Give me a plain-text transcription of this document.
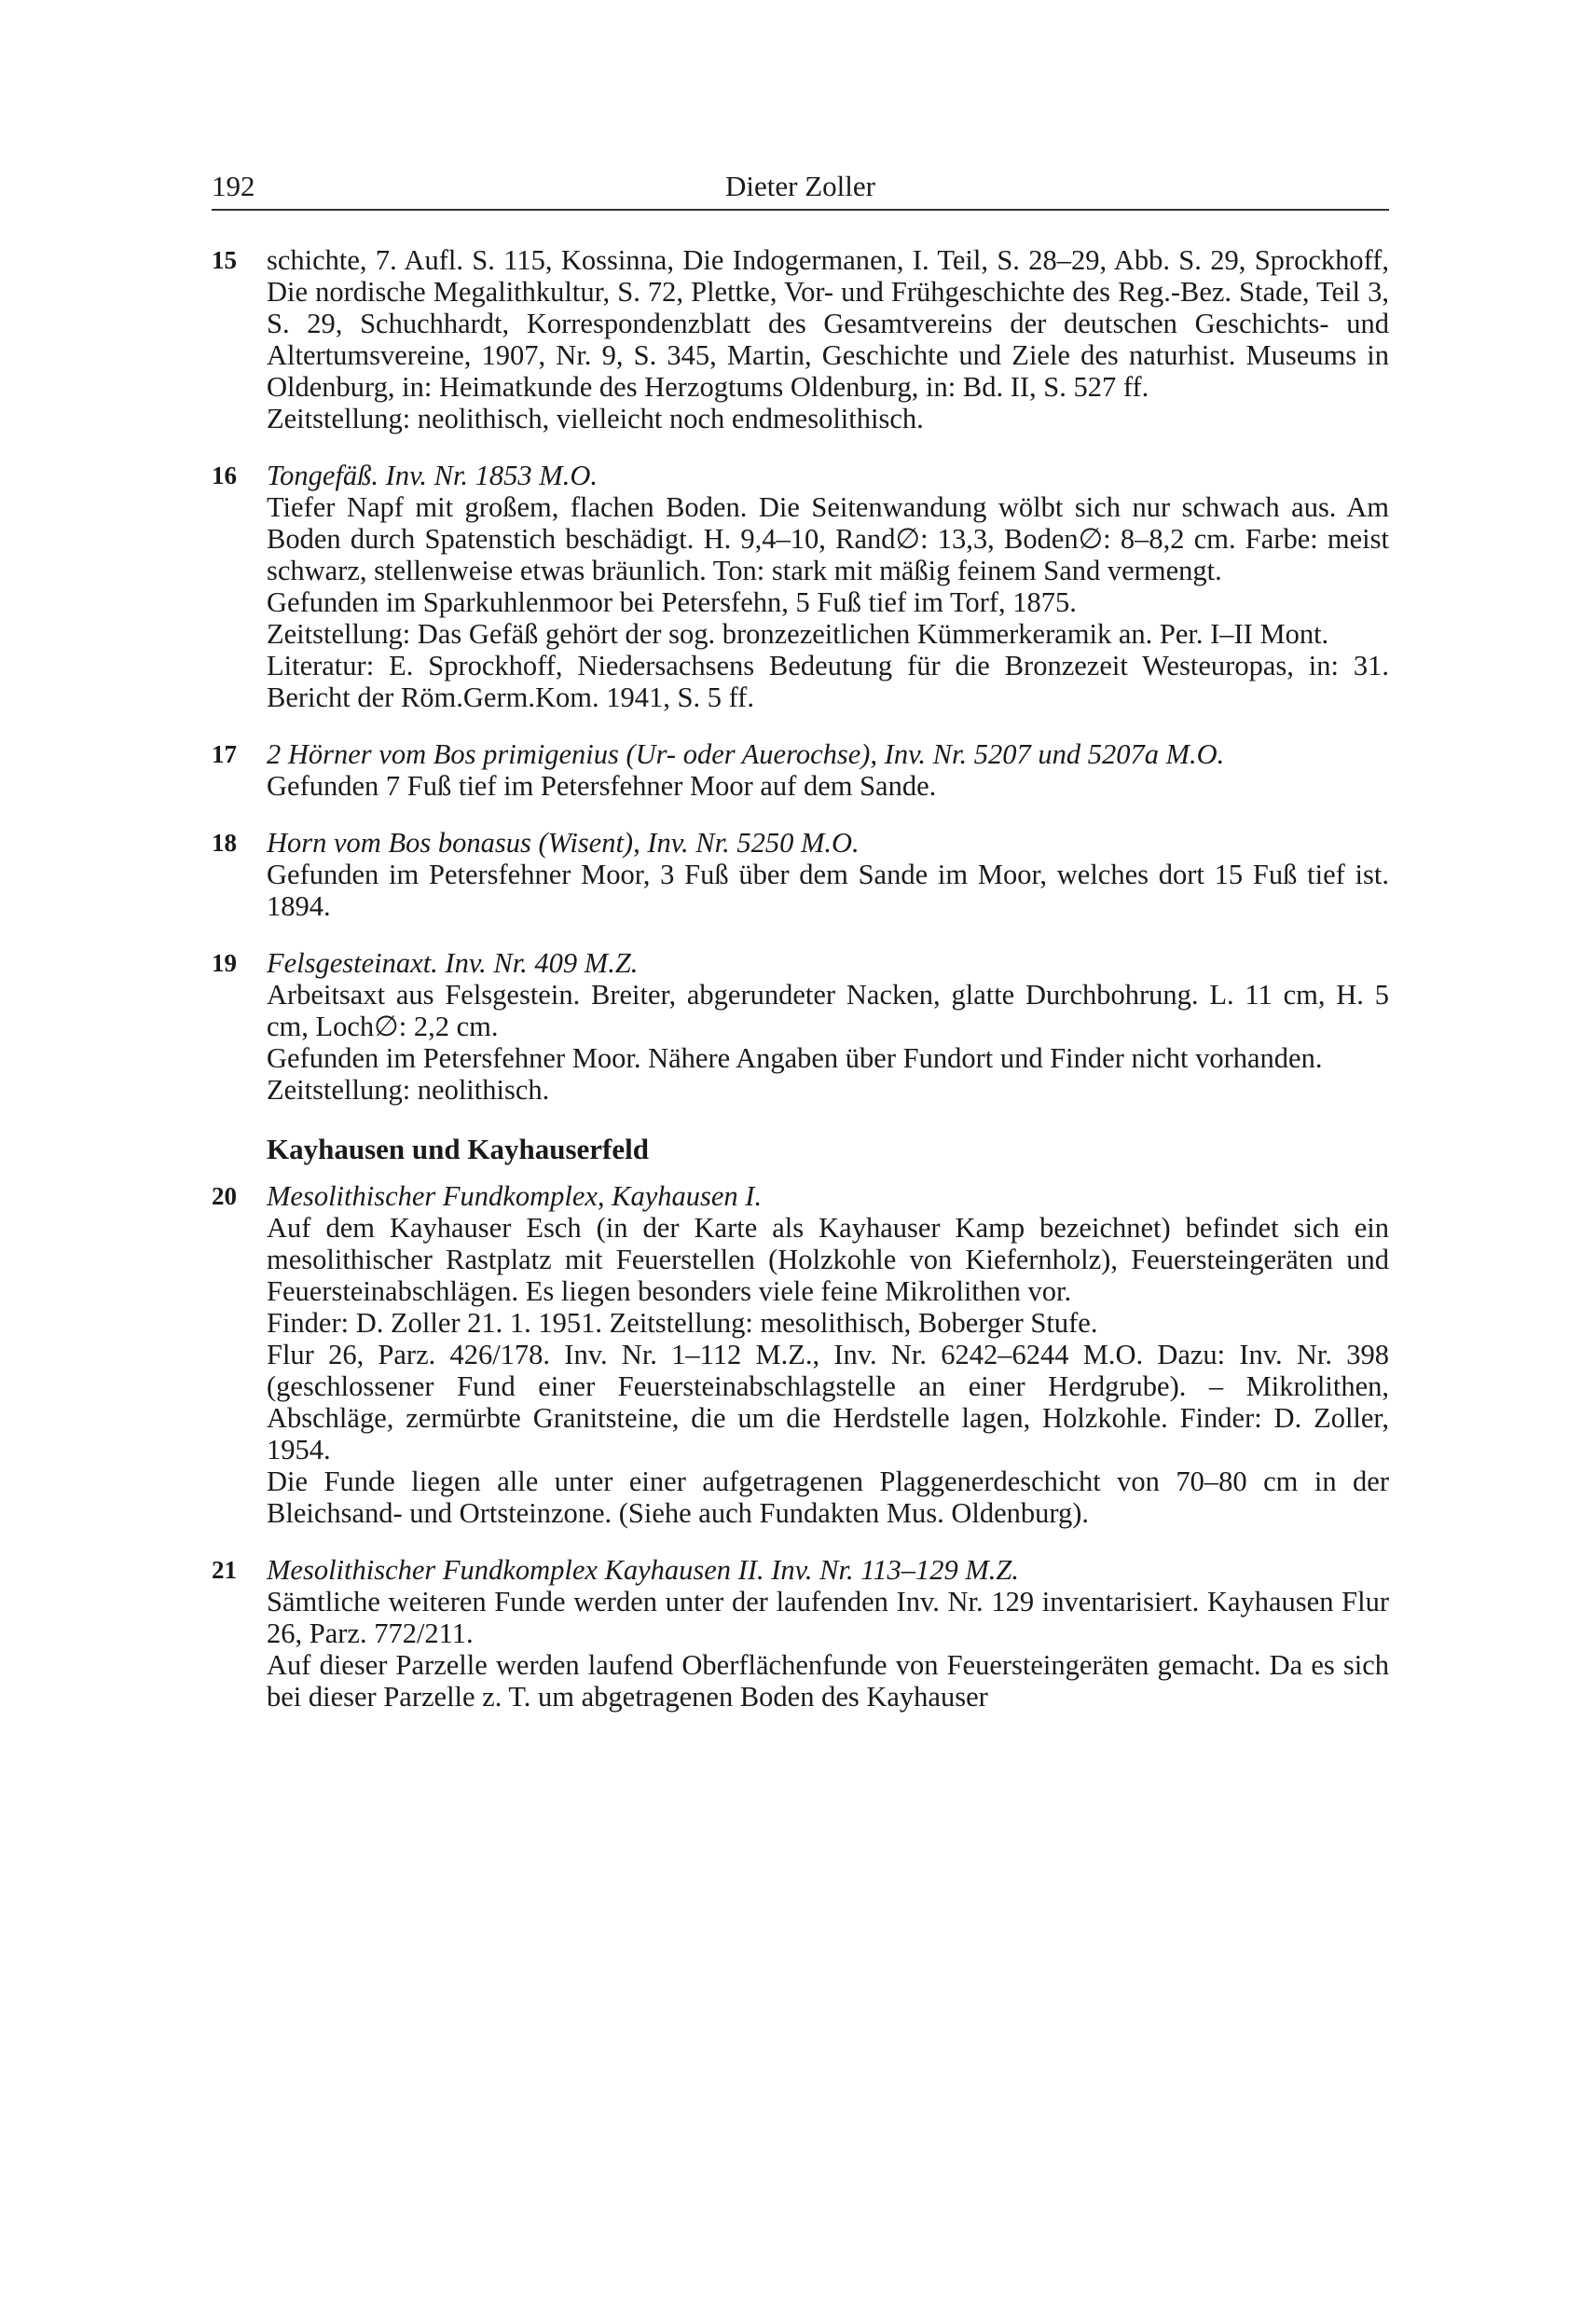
192	Dieter Zoller
15 schichte, 7. Aufl. S. 115, Kossinna, Die Indogermanen, I. Teil, S. 28–29, Abb. S. 29, Sprockhoff, Die nordische Megalithkultur, S. 72, Plettke, Vor- und Frühgeschichte des Reg.-Bez. Stade, Teil 3, S. 29, Schuchhardt, Korrespondenzblatt des Gesamtvereins der deutschen Geschichts- und Altertumsvereine, 1907, Nr. 9, S. 345, Martin, Geschichte und Ziele des naturhist. Museums in Oldenburg, in: Heimatkunde des Herzogtums Oldenburg, in: Bd. II, S. 527 ff.
Zeitstellung: neolithisch, vielleicht noch endmesolithisch.
16 Tongefäß. Inv. Nr. 1853 M.O.
Tiefer Napf mit großem, flachen Boden. Die Seitenwandung wölbt sich nur schwach aus. Am Boden durch Spatenstich beschädigt. H. 9,4–10, Rand∅: 13,3, Boden∅: 8–8,2 cm. Farbe: meist schwarz, stellenweise etwas bräunlich. Ton: stark mit mäßig feinem Sand vermengt.
Gefunden im Sparkuhlenmoor bei Petersfehn, 5 Fuß tief im Torf, 1875.
Zeitstellung: Das Gefäß gehört der sog. bronzezeitlichen Kümmerkeramik an. Per. I–II Mont.
Literatur: E. Sprockhoff, Niedersachsens Bedeutung für die Bronzezeit Westeuropas, in: 31. Bericht der Röm.Germ.Kom. 1941, S. 5 ff.
17 2 Hörner vom Bos primigenius (Ur- oder Auerochse), Inv. Nr. 5207 und 5207a M.O.
Gefunden 7 Fuß tief im Petersfehner Moor auf dem Sande.
18 Horn vom Bos bonasus (Wisent), Inv. Nr. 5250 M.O.
Gefunden im Petersfehner Moor, 3 Fuß über dem Sande im Moor, welches dort 15 Fuß tief ist. 1894.
19 Felsgesteinaxt. Inv. Nr. 409 M.Z.
Arbeitsaxt aus Felsgestein. Breiter, abgerundeter Nacken, glatte Durchbohrung. L. 11 cm, H. 5 cm, Loch∅: 2,2 cm.
Gefunden im Petersfehner Moor. Nähere Angaben über Fundort und Finder nicht vorhanden.
Zeitstellung: neolithisch.
Kayhausen und Kayhauserfeld
20 Mesolithischer Fundkomplex, Kayhausen I.
Auf dem Kayhauser Esch (in der Karte als Kayhauser Kamp bezeichnet) befindet sich ein mesolithischer Rastplatz mit Feuerstellen (Holzkohle von Kiefernholz), Feuersteingeräten und Feuersteinabschlägen. Es liegen besonders viele feine Mikrolithen vor.
Finder: D. Zoller 21. 1. 1951. Zeitstellung: mesolithisch, Boberger Stufe.
Flur 26, Parz. 426/178. Inv. Nr. 1–112 M.Z., Inv. Nr. 6242–6244 M.O. Dazu: Inv. Nr. 398 (geschlossener Fund einer Feuersteinabschlagstelle an einer Herdgrube). – Mikrolithen, Abschläge, zermürbte Granitsteine, die um die Herdstelle lagen, Holzkohle. Finder: D. Zoller, 1954.
Die Funde liegen alle unter einer aufgetragenen Plaggenerdeschicht von 70–80 cm in der Bleichsand- und Ortsteinzone. (Siehe auch Fundakten Mus. Oldenburg).
21 Mesolithischer Fundkomplex Kayhausen II. Inv. Nr. 113–129 M.Z.
Sämtliche weiteren Funde werden unter der laufenden Inv. Nr. 129 inventarisiert. Kayhausen Flur 26, Parz. 772/211.
Auf dieser Parzelle werden laufend Oberflächenfunde von Feuersteingeräten gemacht. Da es sich bei dieser Parzelle z. T. um abgetragenen Boden des Kayhauser
